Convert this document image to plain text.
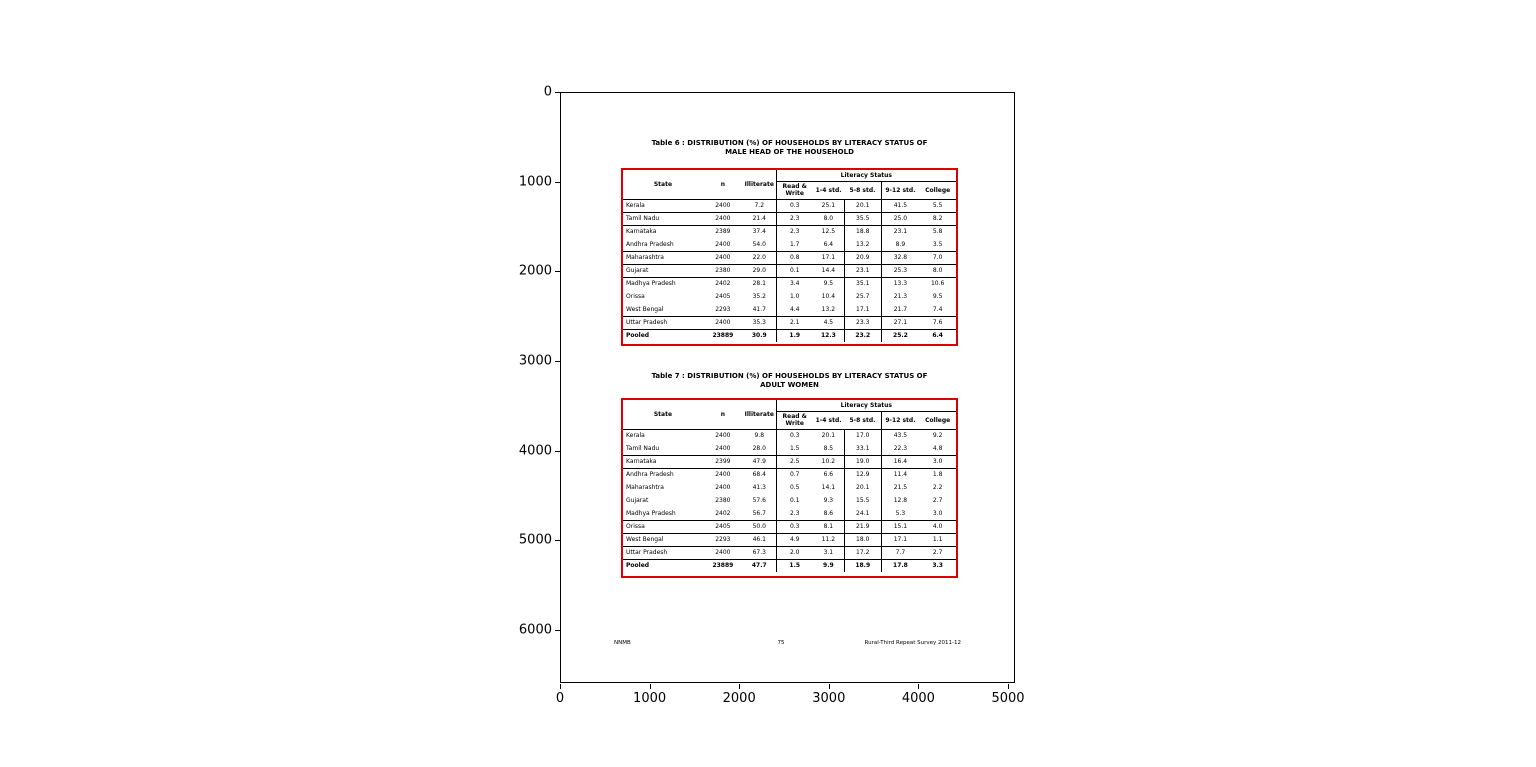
0
1000
2000
3000
4000
5000
6000
0	1000	2000	3000	4000	5000
Table 6 : DISTRIBUTION (%) OF HOUSEHOLDS BY LITERACY STATUS OF
MALE HEAD OF THE HOUSEHOLD
State	n	Illiterate	Literacy Status				
			Read & Write	1-4 std.	5-8 std.	9-12 std.	College
Kerala	2400	7.2	0.3	25.1	20.1	41.5	5.5
Tamil Nadu	2400	21.4	2.3	8.0	35.5	25.0	8.2
Karnataka	2389	37.4	2.3	12.5	18.8	23.1	5.8
Andhra Pradesh	2400	54.0	1.7	6.4	13.2	8.9	3.5
Maharashtra	2400	22.0	0.8	17.1	20.9	32.8	7.0
Gujarat	2380	29.0	0.1	14.4	23.1	25.3	8.0
Madhya Pradesh	2402	28.1	3.4	9.5	35.1	13.3	10.6
Orissa	2405	35.2	1.0	10.4	25.7	21.3	9.5
West Bengal	2293	41.7	4.4	13.2	17.1	21.7	7.4
Uttar Pradesh	2400	35.3	2.1	4.5	23.3	27.1	7.6
Pooled	23889	30.9	1.9	12.3	23.2	25.2	6.4
Table 7 : DISTRIBUTION (%) OF HOUSEHOLDS BY LITERACY STATUS OF
ADULT WOMEN
State	n	Illiterate	Literacy Status				
			Read & Write	1-4 std.	5-8 std.	9-12 std.	College
Kerala	2400	9.8	0.3	20.1	17.0	43.5	9.2
Tamil Nadu	2400	28.0	1.5	8.5	33.1	22.3	4.8
Karnataka	2399	47.9	2.5	10.2	19.0	16.4	3.0
Andhra Pradesh	2400	68.4	0.7	6.6	12.9	11.4	1.8
Maharashtra	2400	41.3	0.5	14.1	20.1	21.5	2.2
Gujarat	2380	57.6	0.1	9.3	15.5	12.8	2.7
Madhya Pradesh	2402	56.7	2.3	8.6	24.1	5.3	3.0
Orissa	2405	50.0	0.3	8.1	21.9	15.1	4.0
West Bengal	2293	46.1	4.9	11.2	18.0	17.1	1.1
Uttar Pradesh	2400	67.3	2.0	3.1	17.2	7.7	2.7
Pooled	23889	47.7	1.5	9.9	18.9	17.8	3.3
NNMB	75	Rural-Third Repeat Survey 2011-12
